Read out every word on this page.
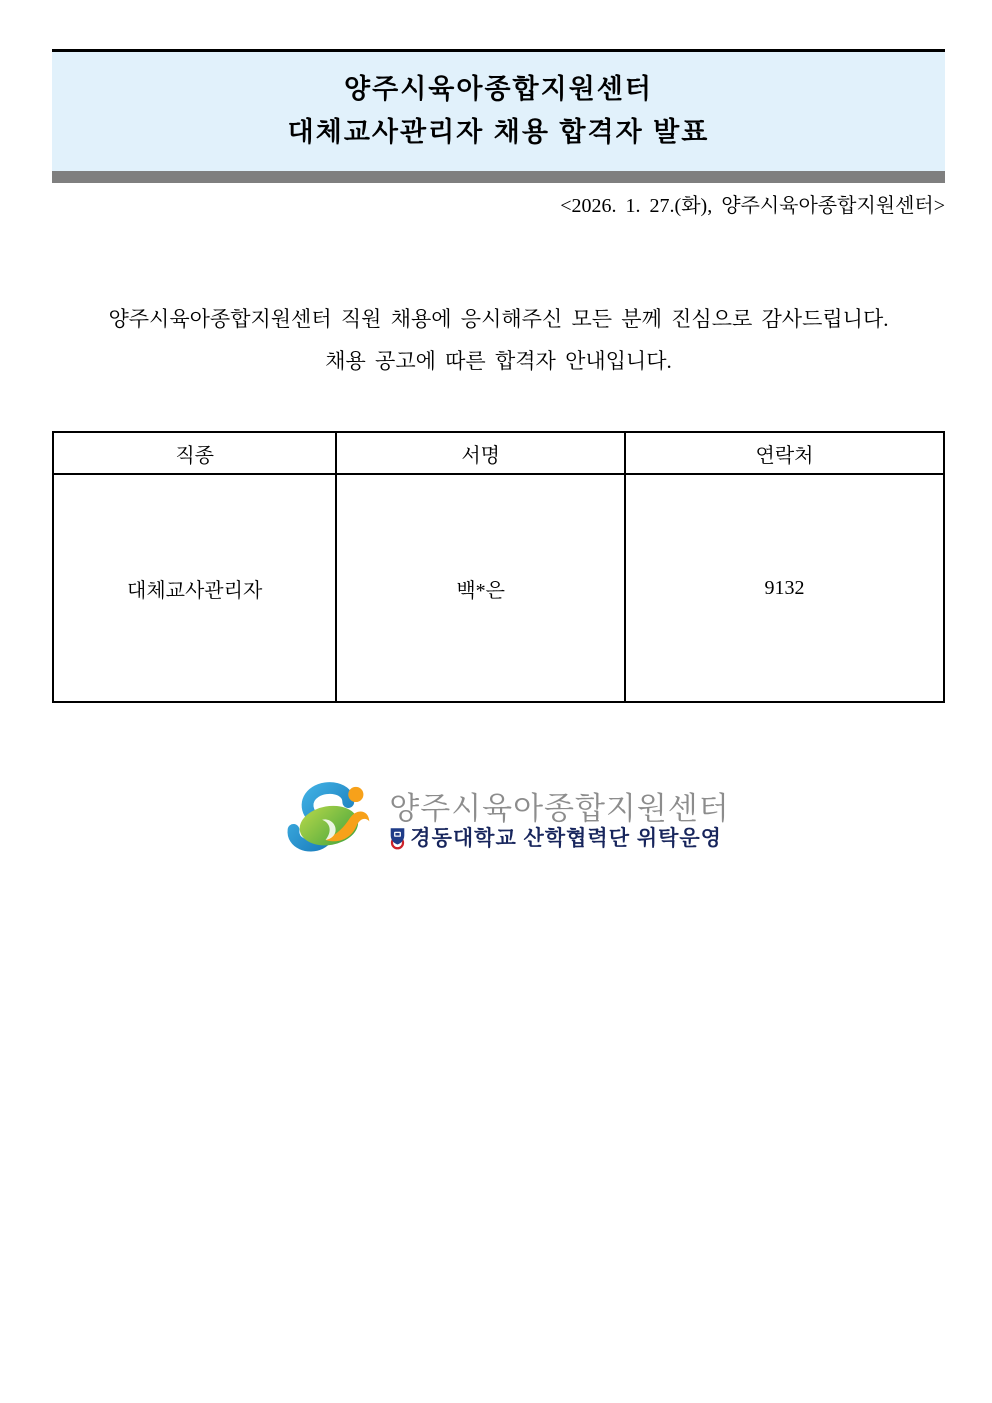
양주시육아종합지원센터
대체교사관리자 채용 합격자 발표
<2026. 1. 27.(화), 양주시육아종합지원센터>

양주시육아종합지원센터 직원 채용에 응시해주신 모든 분께 진심으로 감사드립니다.

채용 공고에 따른 합격자 안내입니다.

직종	서명	연락처
대체교사관리자	백*은	9132
양주시육아종합지원센터
경동대학교 산학협력단 위탁운영
